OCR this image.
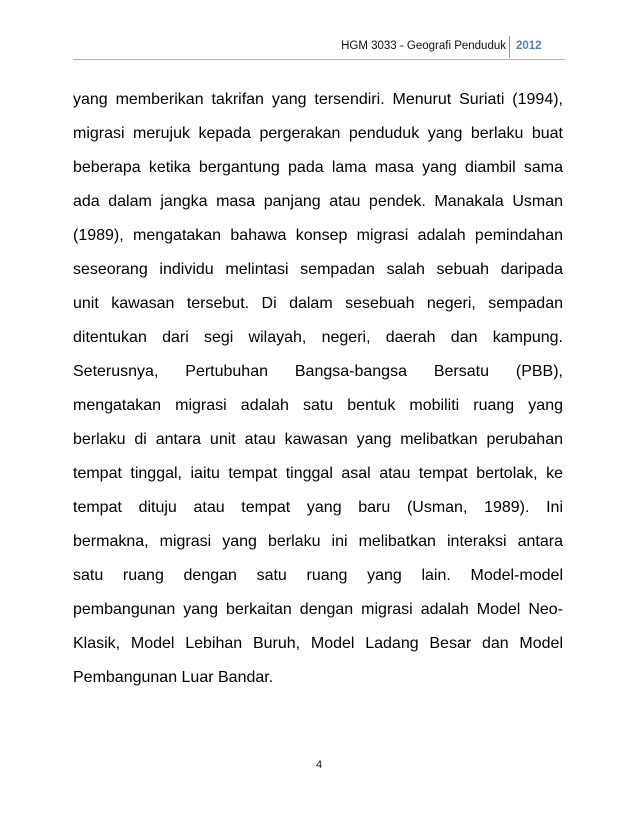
HGM 3033 - Geografi Penduduk 2012

yang memberikan takrifan yang tersendiri. Menurut Suriati (1994),
migrasi merujuk kepada pergerakan penduduk yang berlaku buat
beberapa ketika bergantung pada lama masa yang diambil sama
ada dalam jangka masa panjang atau pendek. Manakala Usman
(1989), mengatakan bahawa konsep migrasi adalah pemindahan
seseorang individu melintasi sempadan salah sebuah daripada
unit kawasan tersebut. Di dalam sesebuah negeri, sempadan
ditentukan dari segi wilayah, negeri, daerah dan kampung.
Seterusnya, Pertubuhan Bangsa-bangsa Bersatu (PBB),
mengatakan migrasi adalah satu bentuk mobiliti ruang yang
berlaku di antara unit atau kawasan yang melibatkan perubahan
tempat tinggal, iaitu tempat tinggal asal atau tempat bertolak, ke
tempat dituju atau tempat yang baru (Usman, 1989). Ini
bermakna, migrasi yang berlaku ini melibatkan interaksi antara
satu ruang dengan satu ruang yang lain. Model-model
pembangunan yang berkaitan dengan migrasi adalah Model Neo-
Klasik, Model Lebihan Buruh, Model Ladang Besar dan Model
Pembangunan Luar Bandar.

4
